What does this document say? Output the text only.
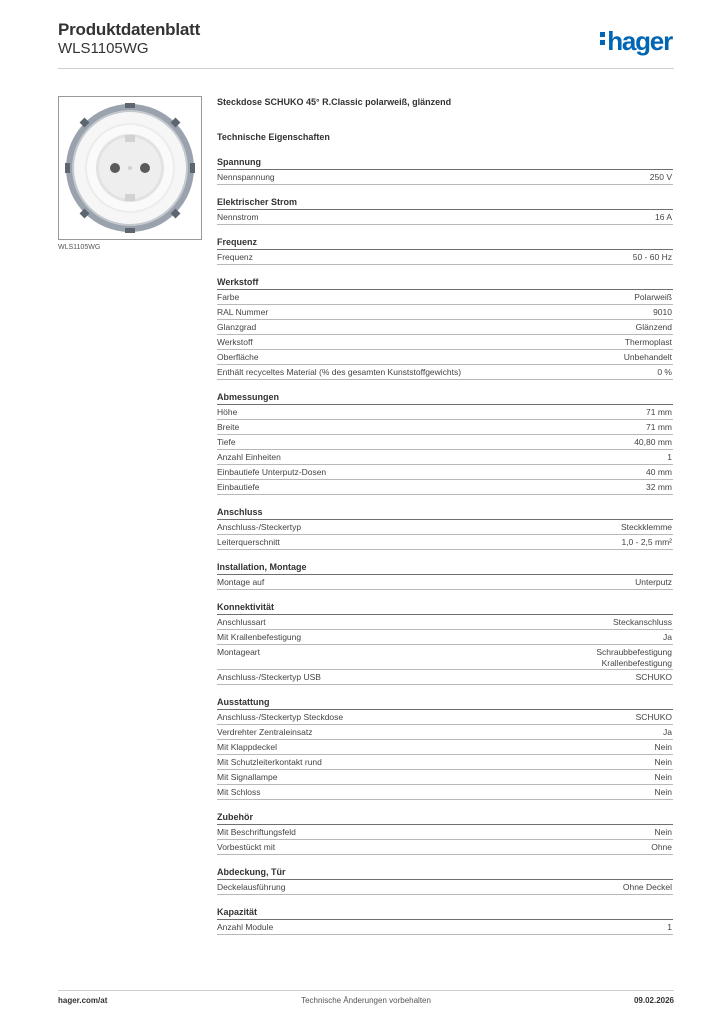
Produktdatenblatt
WLS1105WG	hager
WLS1105WG
Steckdose SCHUKO 45° R.Classic polarweiß, glänzend
Technische Eigenschaften
Spannung
Nennspannung	250 V
Elektrischer Strom
Nennstrom	16 A
Frequenz
Frequenz	50 - 60 Hz
Werkstoff
Farbe	Polarweiß
RAL Nummer	9010
Glanzgrad	Glänzend
Werkstoff	Thermoplast
Oberfläche	Unbehandelt
Enthält recyceltes Material (% des gesamten Kunststoffgewichts)	0 %
Abmessungen
Höhe	71 mm
Breite	71 mm
Tiefe	40,80 mm
Anzahl Einheiten	1
Einbautiefe Unterputz-Dosen	40 mm
Einbautiefe	32 mm
Anschluss
Anschluss-/Steckertyp	Steckklemme
Leiterquerschnitt	1,0 - 2,5 mm²
Installation, Montage
Montage auf	Unterputz
Konnektivität
Anschlussart	Steckanschluss
Mit Krallenbefestigung	Ja
Montageart	Schraubbefestigung
Krallenbefestigung
Anschluss-/Steckertyp USB	SCHUKO
Ausstattung
Anschluss-/Steckertyp Steckdose	SCHUKO
Verdrehter Zentraleinsatz	Ja
Mit Klappdeckel	Nein
Mit Schutzleiterkontakt rund	Nein
Mit Signallampe	Nein
Mit Schloss	Nein
Zubehör
Mit Beschriftungsfeld	Nein
Vorbestückt mit	Ohne
Abdeckung, Tür
Deckelausführung	Ohne Deckel
Kapazität
Anzahl Module	1
hager.com/at	Technische Änderungen vorbehalten	09.02.2026
